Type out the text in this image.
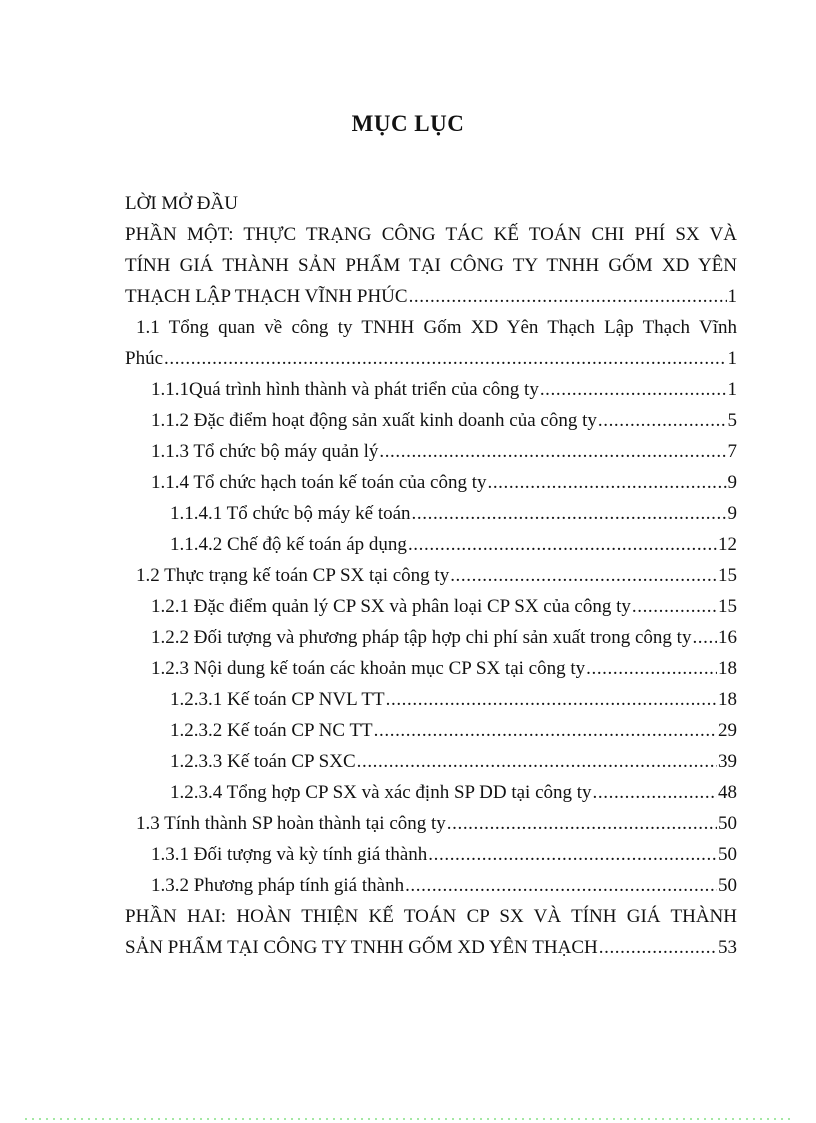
MỤC LỤC
LỜI MỞ ĐẦU
PHẦN MỘT: THỰC TRẠNG CÔNG TÁC KẾ TOÁN CHI PHÍ SX VÀ
TÍNH GIÁ THÀNH SẢN PHẨM TẠI CÔNG TY TNHH GỐM XD YÊN
THẠCH LẬP THẠCH VĨNH PHÚC .....	1
1.1 Tổng quan về công ty TNHH Gốm XD Yên Thạch Lập Thạch Vĩnh
Phúc .....	1
1.1.1Quá trình hình thành và phát triển của công ty .....	1
1.1.2 Đặc điểm hoạt động sản xuất kinh doanh của công ty .....	5
1.1.3 Tổ chức bộ máy quản lý .....	7
1.1.4 Tổ chức hạch toán kế toán của công ty .....	9
1.1.4.1 Tổ chức bộ máy kế toán .....	9
1.1.4.2 Chế độ kế toán áp dụng .....	12
1.2 Thực trạng kế toán CP SX tại công ty .....	15
1.2.1 Đặc điểm quản lý CP SX và phân loại CP SX của công ty .....	15
1.2.2 Đối tượng và phương pháp tập hợp chi phí sản xuất trong công ty ..... 16
1.2.3 Nội dung kế toán các khoản mục CP SX tại công ty .....	18
1.2.3.1 Kế toán CP NVL TT .....	18
1.2.3.2 Kế toán CP NC TT .....	29
1.2.3.3 Kế toán CP SXC .....	39
1.2.3.4 Tổng hợp CP SX và xác định SP DD tại công ty .....	48
1.3 Tính thành SP hoàn thành tại công ty .....	50
1.3.1 Đối tượng và kỳ tính giá thành .....	50
1.3.2 Phương pháp tính giá thành .....	50
PHẦN HAI: HOÀN THIỆN KẾ TOÁN CP SX VÀ TÍNH GIÁ THÀNH
SẢN PHẨM TẠI CÔNG TY TNHH GỐM XD YÊN THẠCH .....	53
